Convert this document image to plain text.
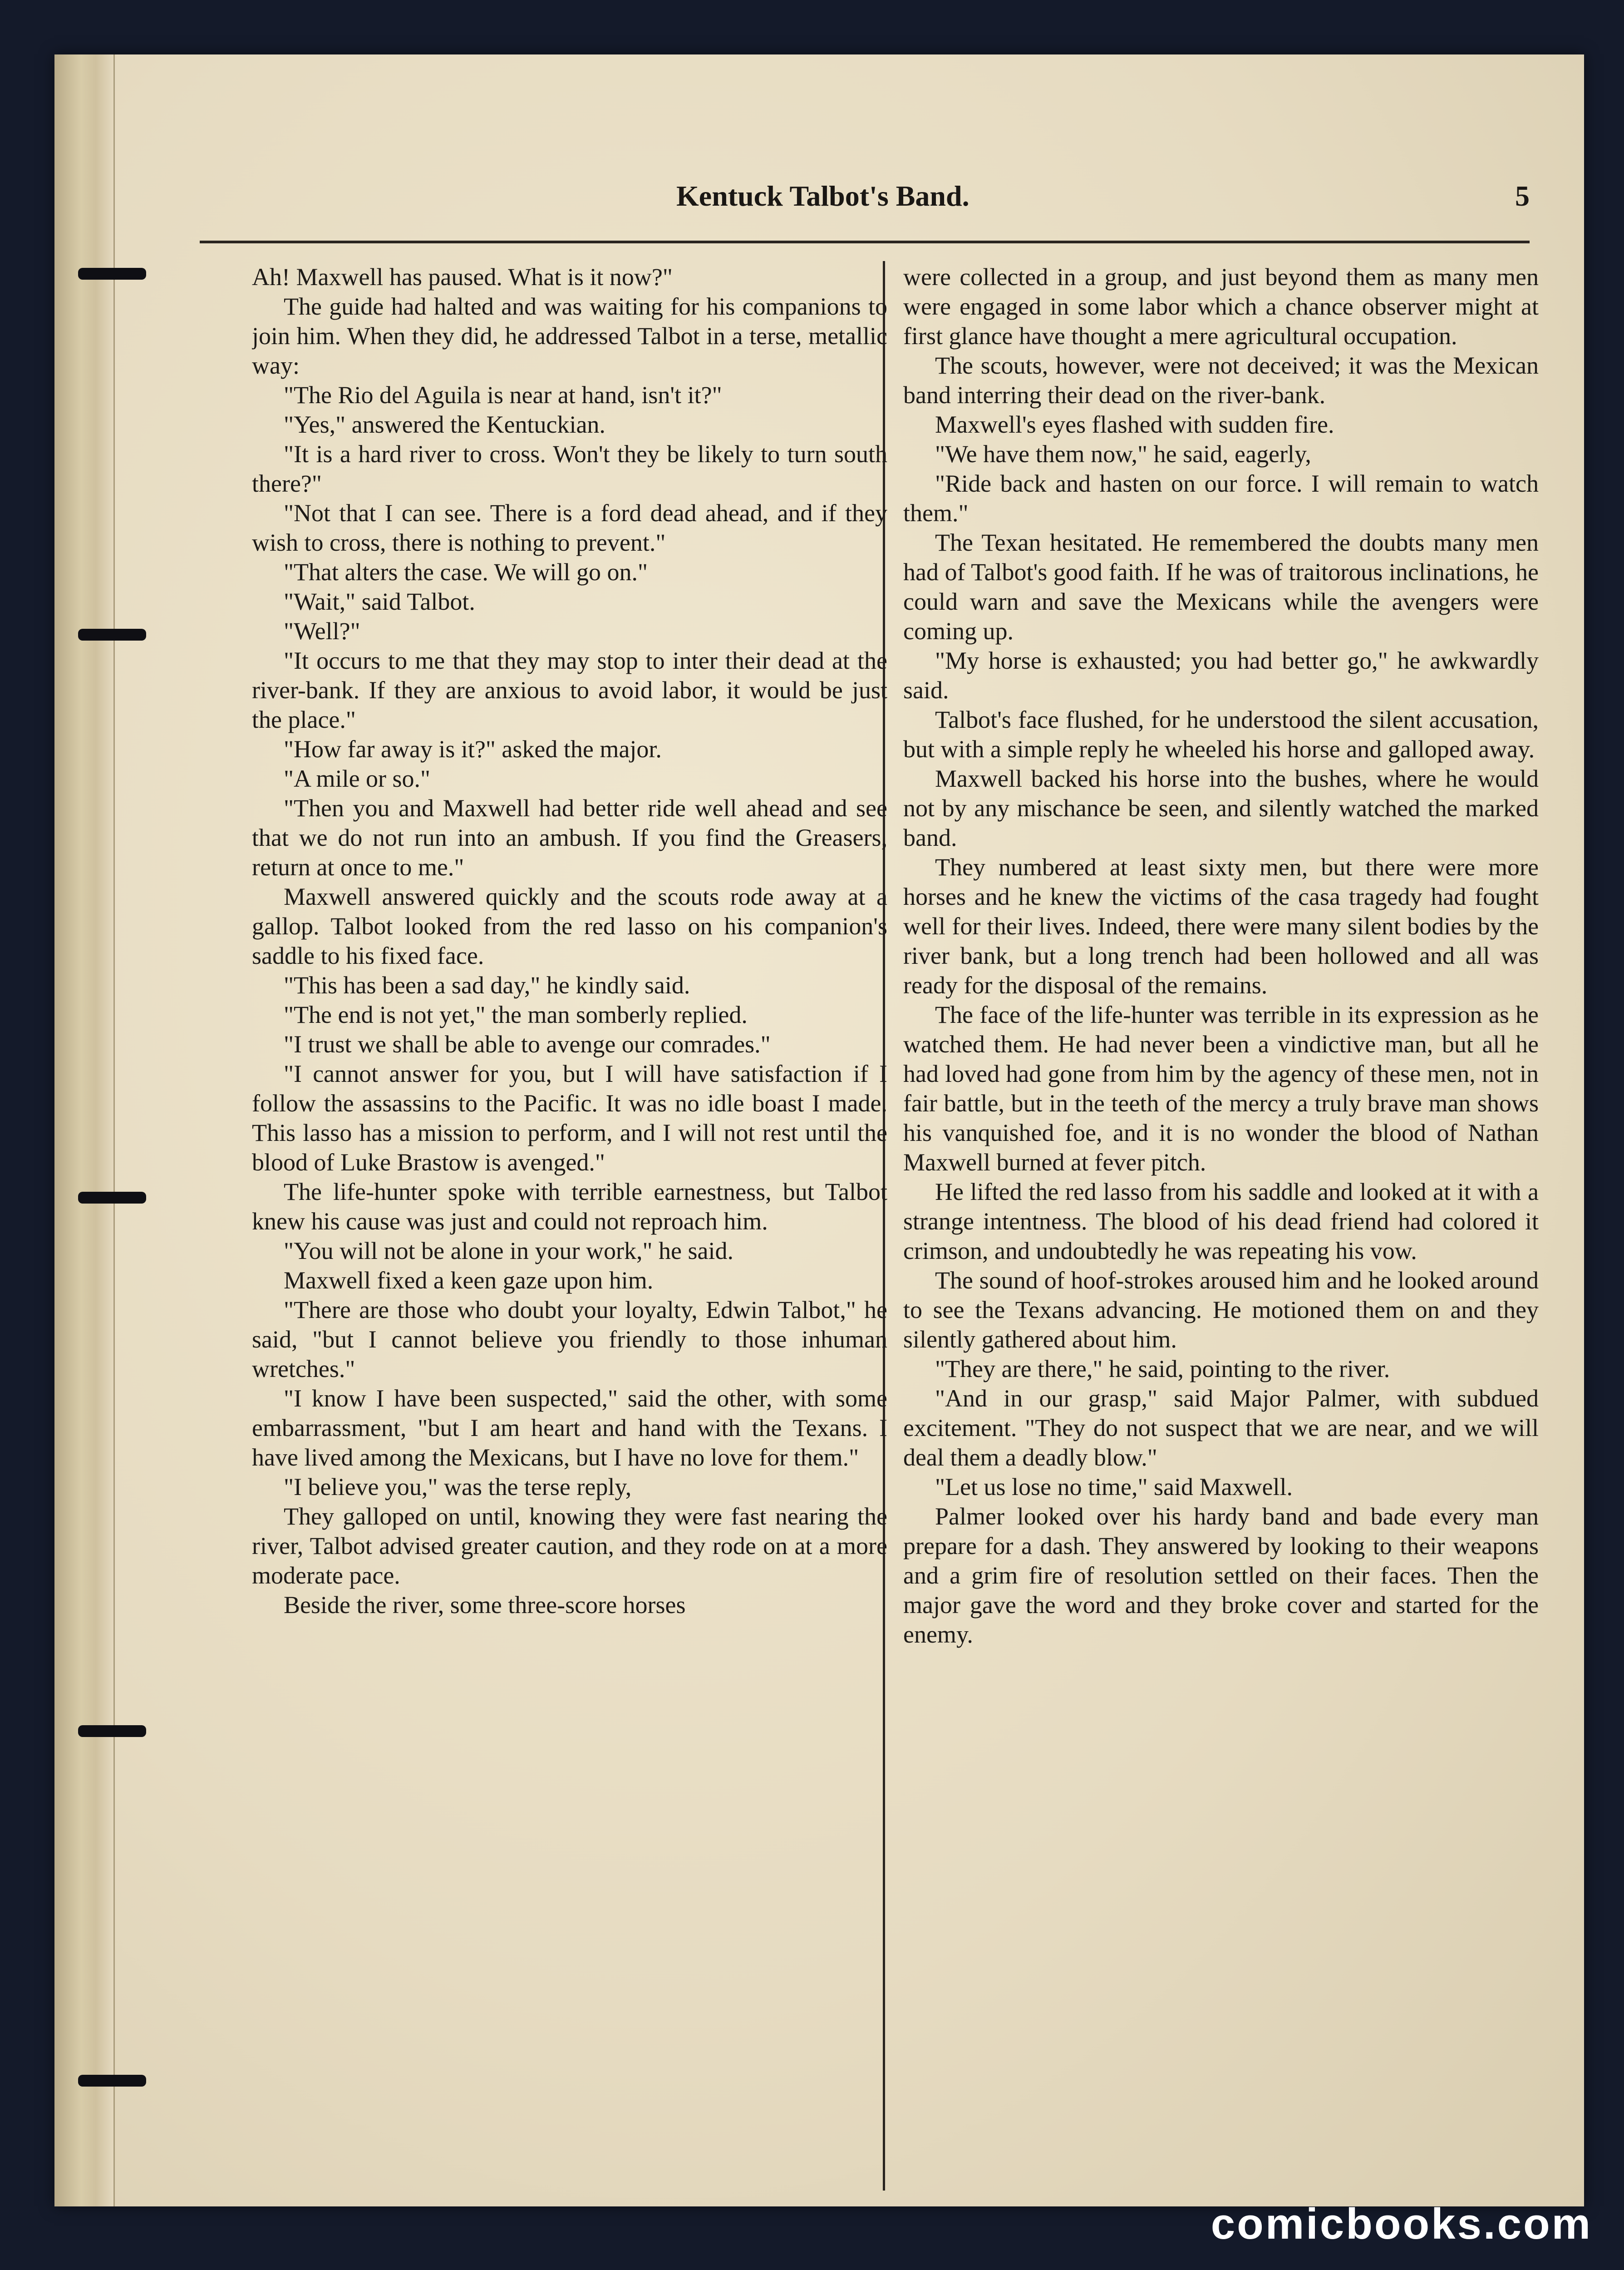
Kentuck Talbot's Band.	5

Ah! Maxwell has paused. What is it now?"

The guide had halted and was waiting for his companions to join him. When they did, he addressed Talbot in a terse, metallic way:

"The Rio del Aguila is near at hand, isn't it?"

"Yes," answered the Kentuckian.

"It is a hard river to cross. Won't they be likely to turn south there?"

"Not that I can see. There is a ford dead ahead, and if they wish to cross, there is nothing to prevent."

"That alters the case. We will go on."

"Wait," said Talbot.

"Well?"

"It occurs to me that they may stop to inter their dead at the river-bank. If they are anxious to avoid labor, it would be just the place."

"How far away is it?" asked the major.

"A mile or so."

"Then you and Maxwell had better ride well ahead and see that we do not run into an ambush. If you find the Greasers, return at once to me."

Maxwell answered quickly and the scouts rode away at a gallop. Talbot looked from the red lasso on his companion's saddle to his fixed face.

"This has been a sad day," he kindly said.

"The end is not yet," the man somberly replied.

"I trust we shall be able to avenge our comrades."

"I cannot answer for you, but I will have satisfaction if I follow the assassins to the Pacific. It was no idle boast I made. This lasso has a mission to perform, and I will not rest until the blood of Luke Brastow is avenged."

The life-hunter spoke with terrible earnestness, but Talbot knew his cause was just and could not reproach him.

"You will not be alone in your work," he said.

Maxwell fixed a keen gaze upon him.

"There are those who doubt your loyalty, Edwin Talbot," he said, "but I cannot believe you friendly to those inhuman wretches."

"I know I have been suspected," said the other, with some embarrassment, "but I am heart and hand with the Texans. I have lived among the Mexicans, but I have no love for them."

"I believe you," was the terse reply,

They galloped on until, knowing they were fast nearing the river, Talbot advised greater caution, and they rode on at a more moderate pace.

Beside the river, some three-score horses

were collected in a group, and just beyond them as many men were engaged in some labor which a chance observer might at first glance have thought a mere agricultural occupation.

The scouts, however, were not deceived; it was the Mexican band interring their dead on the river-bank.

Maxwell's eyes flashed with sudden fire.

"We have them now," he said, eagerly,

"Ride back and hasten on our force. I will remain to watch them."

The Texan hesitated. He remembered the doubts many men had of Talbot's good faith. If he was of traitorous inclinations, he could warn and save the Mexicans while the avengers were coming up.

"My horse is exhausted; you had better go," he awkwardly said.

Talbot's face flushed, for he understood the silent accusation, but with a simple reply he wheeled his horse and galloped away.

Maxwell backed his horse into the bushes, where he would not by any mischance be seen, and silently watched the marked band.

They numbered at least sixty men, but there were more horses and he knew the victims of the casa tragedy had fought well for their lives. Indeed, there were many silent bodies by the river bank, but a long trench had been hollowed and all was ready for the disposal of the remains.

The face of the life-hunter was terrible in its expression as he watched them. He had never been a vindictive man, but all he had loved had gone from him by the agency of these men, not in fair battle, but in the teeth of the mercy a truly brave man shows his vanquished foe, and it is no wonder the blood of Nathan Maxwell burned at fever pitch.

He lifted the red lasso from his saddle and looked at it with a strange intentness. The blood of his dead friend had colored it crimson, and undoubtedly he was repeating his vow.

The sound of hoof-strokes aroused him and he looked around to see the Texans advancing. He motioned them on and they silently gathered about him.

"They are there," he said, pointing to the river.

"And in our grasp," said Major Palmer, with subdued excitement. "They do not suspect that we are near, and we will deal them a deadly blow."

"Let us lose no time," said Maxwell.

Palmer looked over his hardy band and bade every man prepare for a dash. They answered by looking to their weapons and a grim fire of resolution settled on their faces. Then the major gave the word and they broke cover and started for the enemy.

comicbooks.com
